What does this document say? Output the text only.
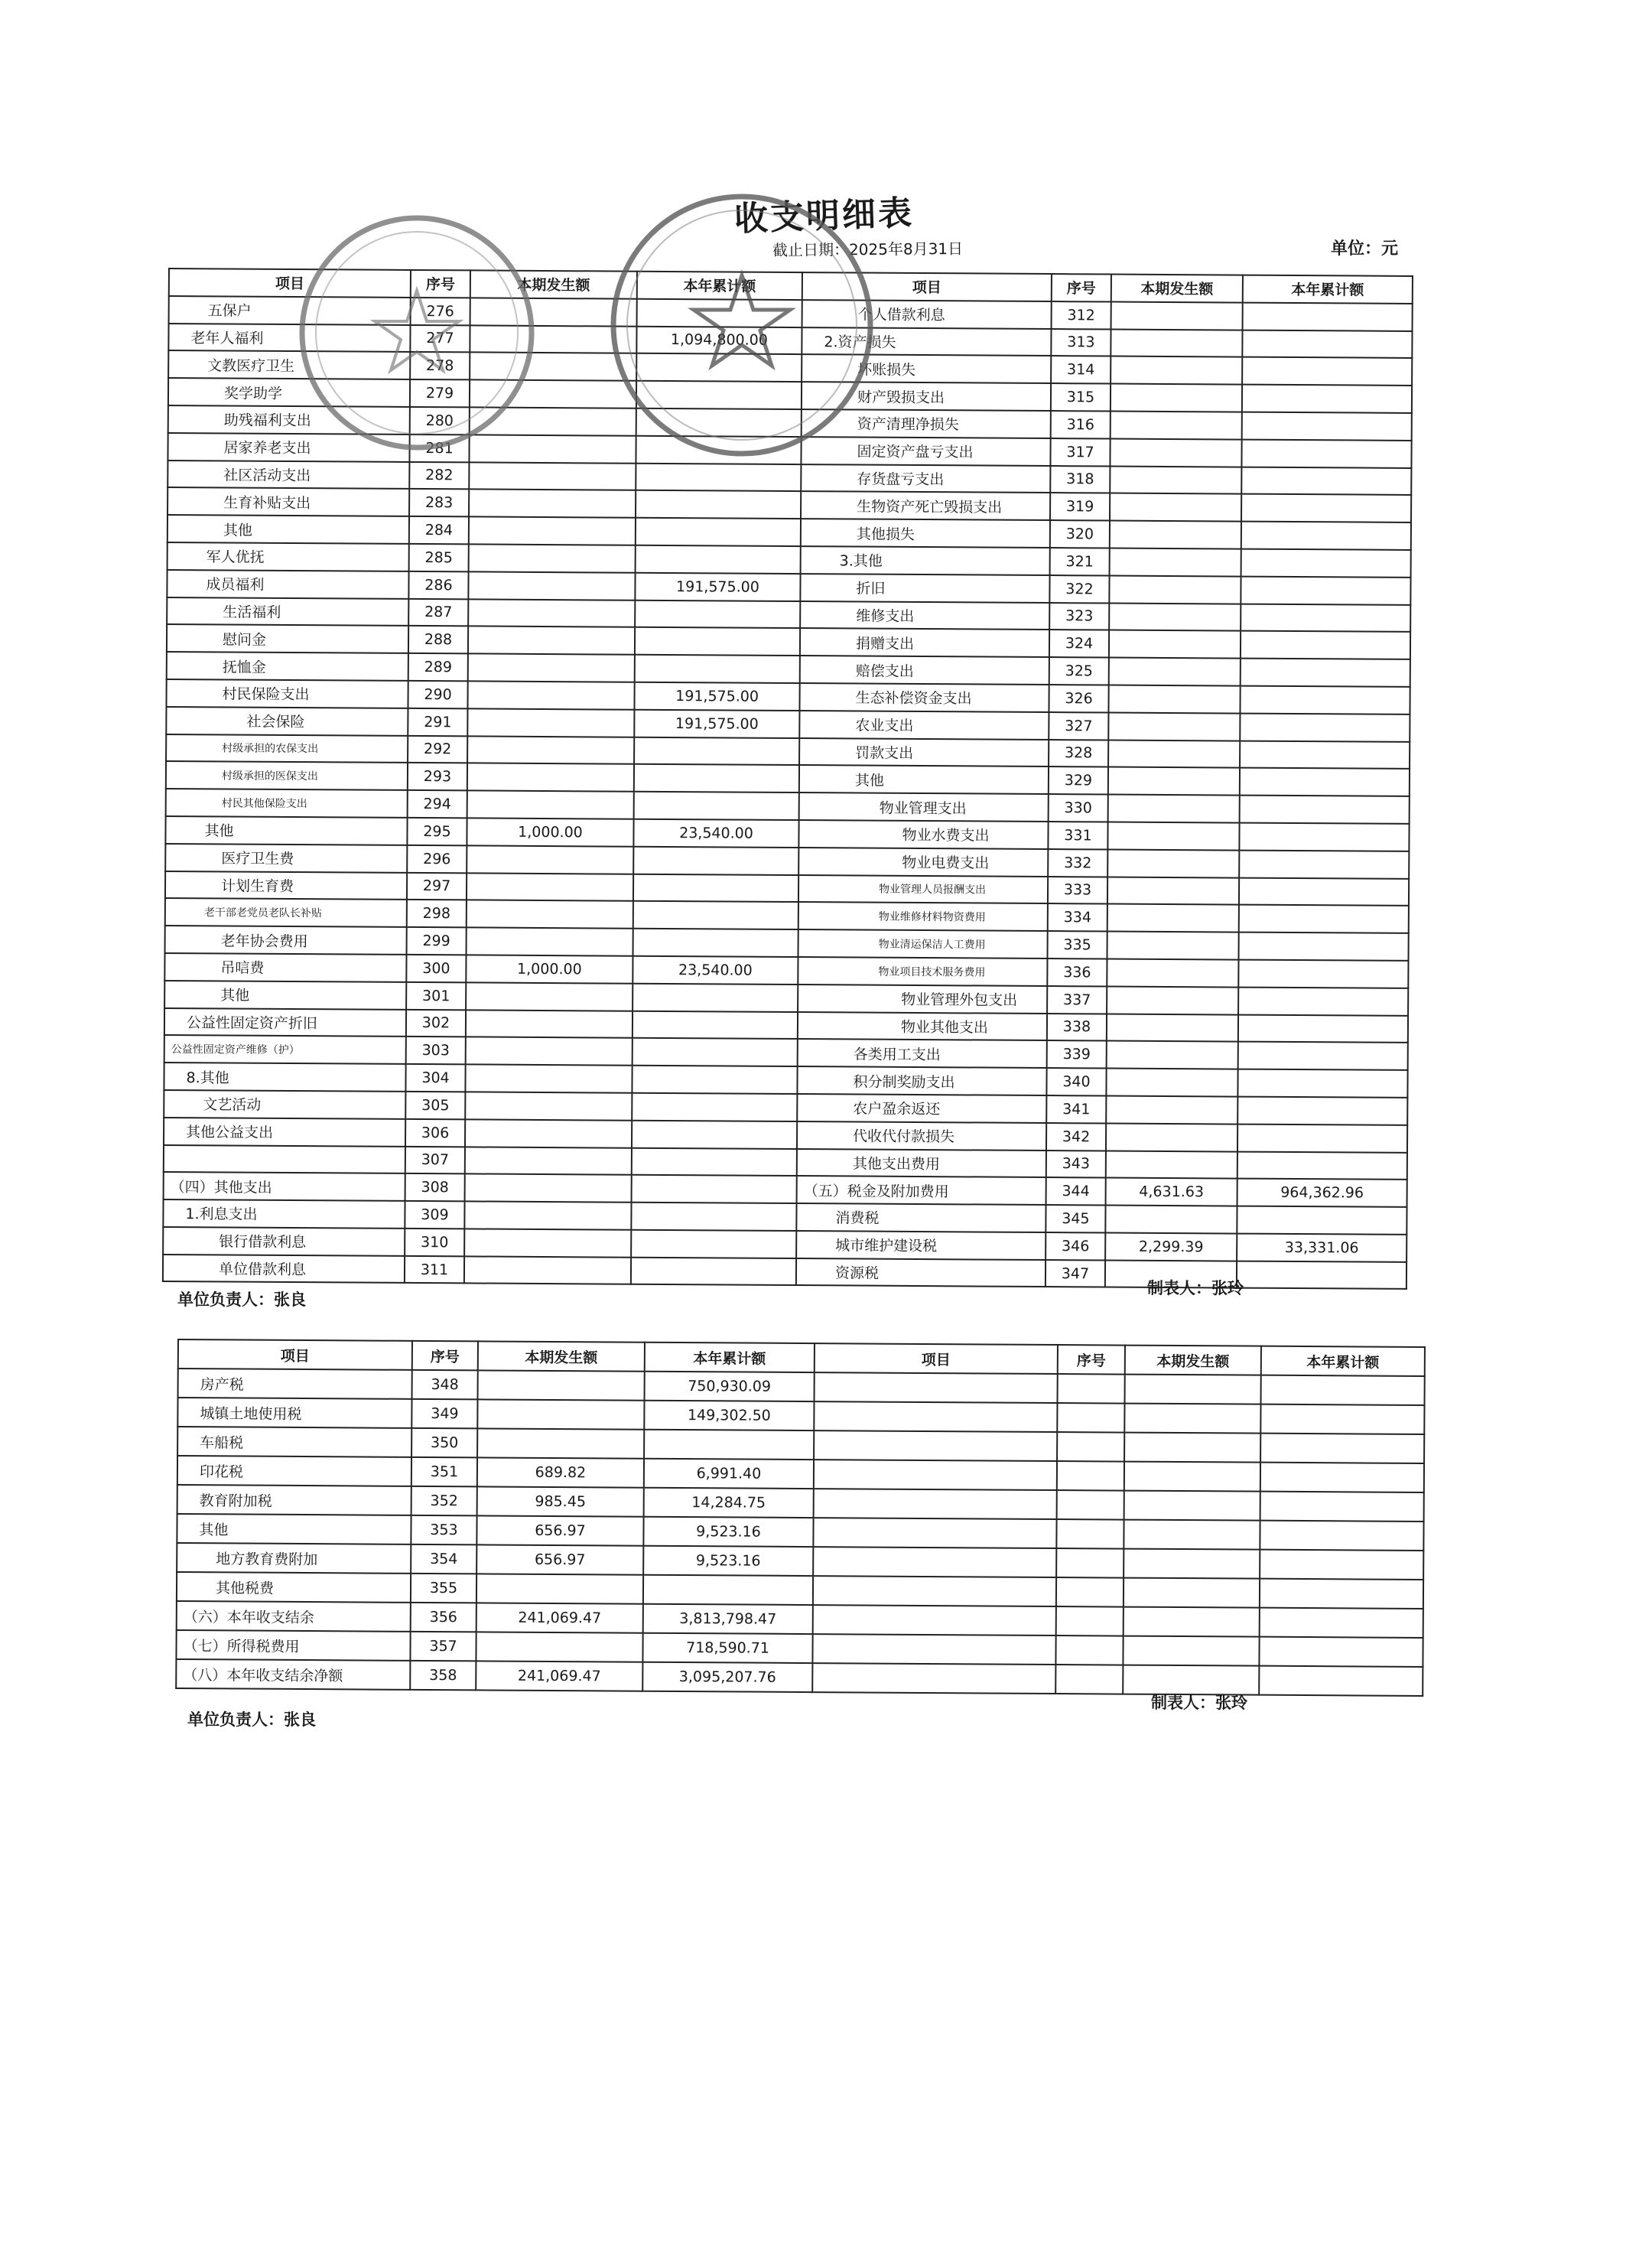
收支明细表
截止日期：2025年8月31日	单位：元
项目	序号	本期发生额	本年累计额	项目	序号	本期发生额	本年累计额
五保户	276			个人借款利息	312		
老年人福利	277		1,094,800.00	2.资产损失	313		
文教医疗卫生	278			坏账损失	314		
奖学助学	279			财产毁损支出	315		
助残福利支出	280			资产清理净损失	316		
居家养老支出	281			固定资产盘亏支出	317		
社区活动支出	282			存货盘亏支出	318		
生育补贴支出	283			生物资产死亡毁损支出	319		
其他	284			其他损失	320		
军人优抚	285			3.其他	321		
成员福利	286		191,575.00	折旧	322		
生活福利	287			维修支出	323		
慰问金	288			捐赠支出	324		
抚恤金	289			赔偿支出	325		
村民保险支出	290		191,575.00	生态补偿资金支出	326		
社会保险	291		191,575.00	农业支出	327		
村级承担的农保支出	292			罚款支出	328		
村级承担的医保支出	293			其他	329		
村民其他保险支出	294			物业管理支出	330		
其他	295	1,000.00	23,540.00	物业水费支出	331		
医疗卫生费	296			物业电费支出	332		
计划生育费	297			物业管理人员报酬支出	333		
老干部老党员老队长补贴	298			物业维修材料物资费用	334		
老年协会费用	299			物业清运保洁人工费用	335		
吊唁费	300	1,000.00	23,540.00	物业项目技术服务费用	336		
其他	301			物业管理外包支出	337		
公益性固定资产折旧	302			物业其他支出	338		
公益性固定资产维修（护）	303			各类用工支出	339		
8.其他	304			积分制奖励支出	340		
文艺活动	305			农户盈余返还	341		
其他公益支出	306			代收代付款损失	342		
	307			其他支出费用	343		
（四）其他支出	308			（五）税金及附加费用	344	4,631.63	964,362.96
1.利息支出	309			消费税	345		
银行借款利息	310			城市维护建设税	346	2,299.39	33,331.06
单位借款利息	311			资源税	347		
单位负责人：张良
制表人：张玲
项目	序号	本期发生额	本年累计额	项目	序号	本期发生额	本年累计额
房产税	348		750,930.09				
城镇土地使用税	349		149,302.50				
车船税	350						
印花税	351	689.82	6,991.40				
教育附加税	352	985.45	14,284.75				
其他	353	656.97	9,523.16				
地方教育费附加	354	656.97	9,523.16				
其他税费	355						
（六）本年收支结余	356	241,069.47	3,813,798.47				
（七）所得税费用	357		718,590.71				
（八）本年收支结余净额	358	241,069.47	3,095,207.76				
单位负责人：张良
制表人：张玲
